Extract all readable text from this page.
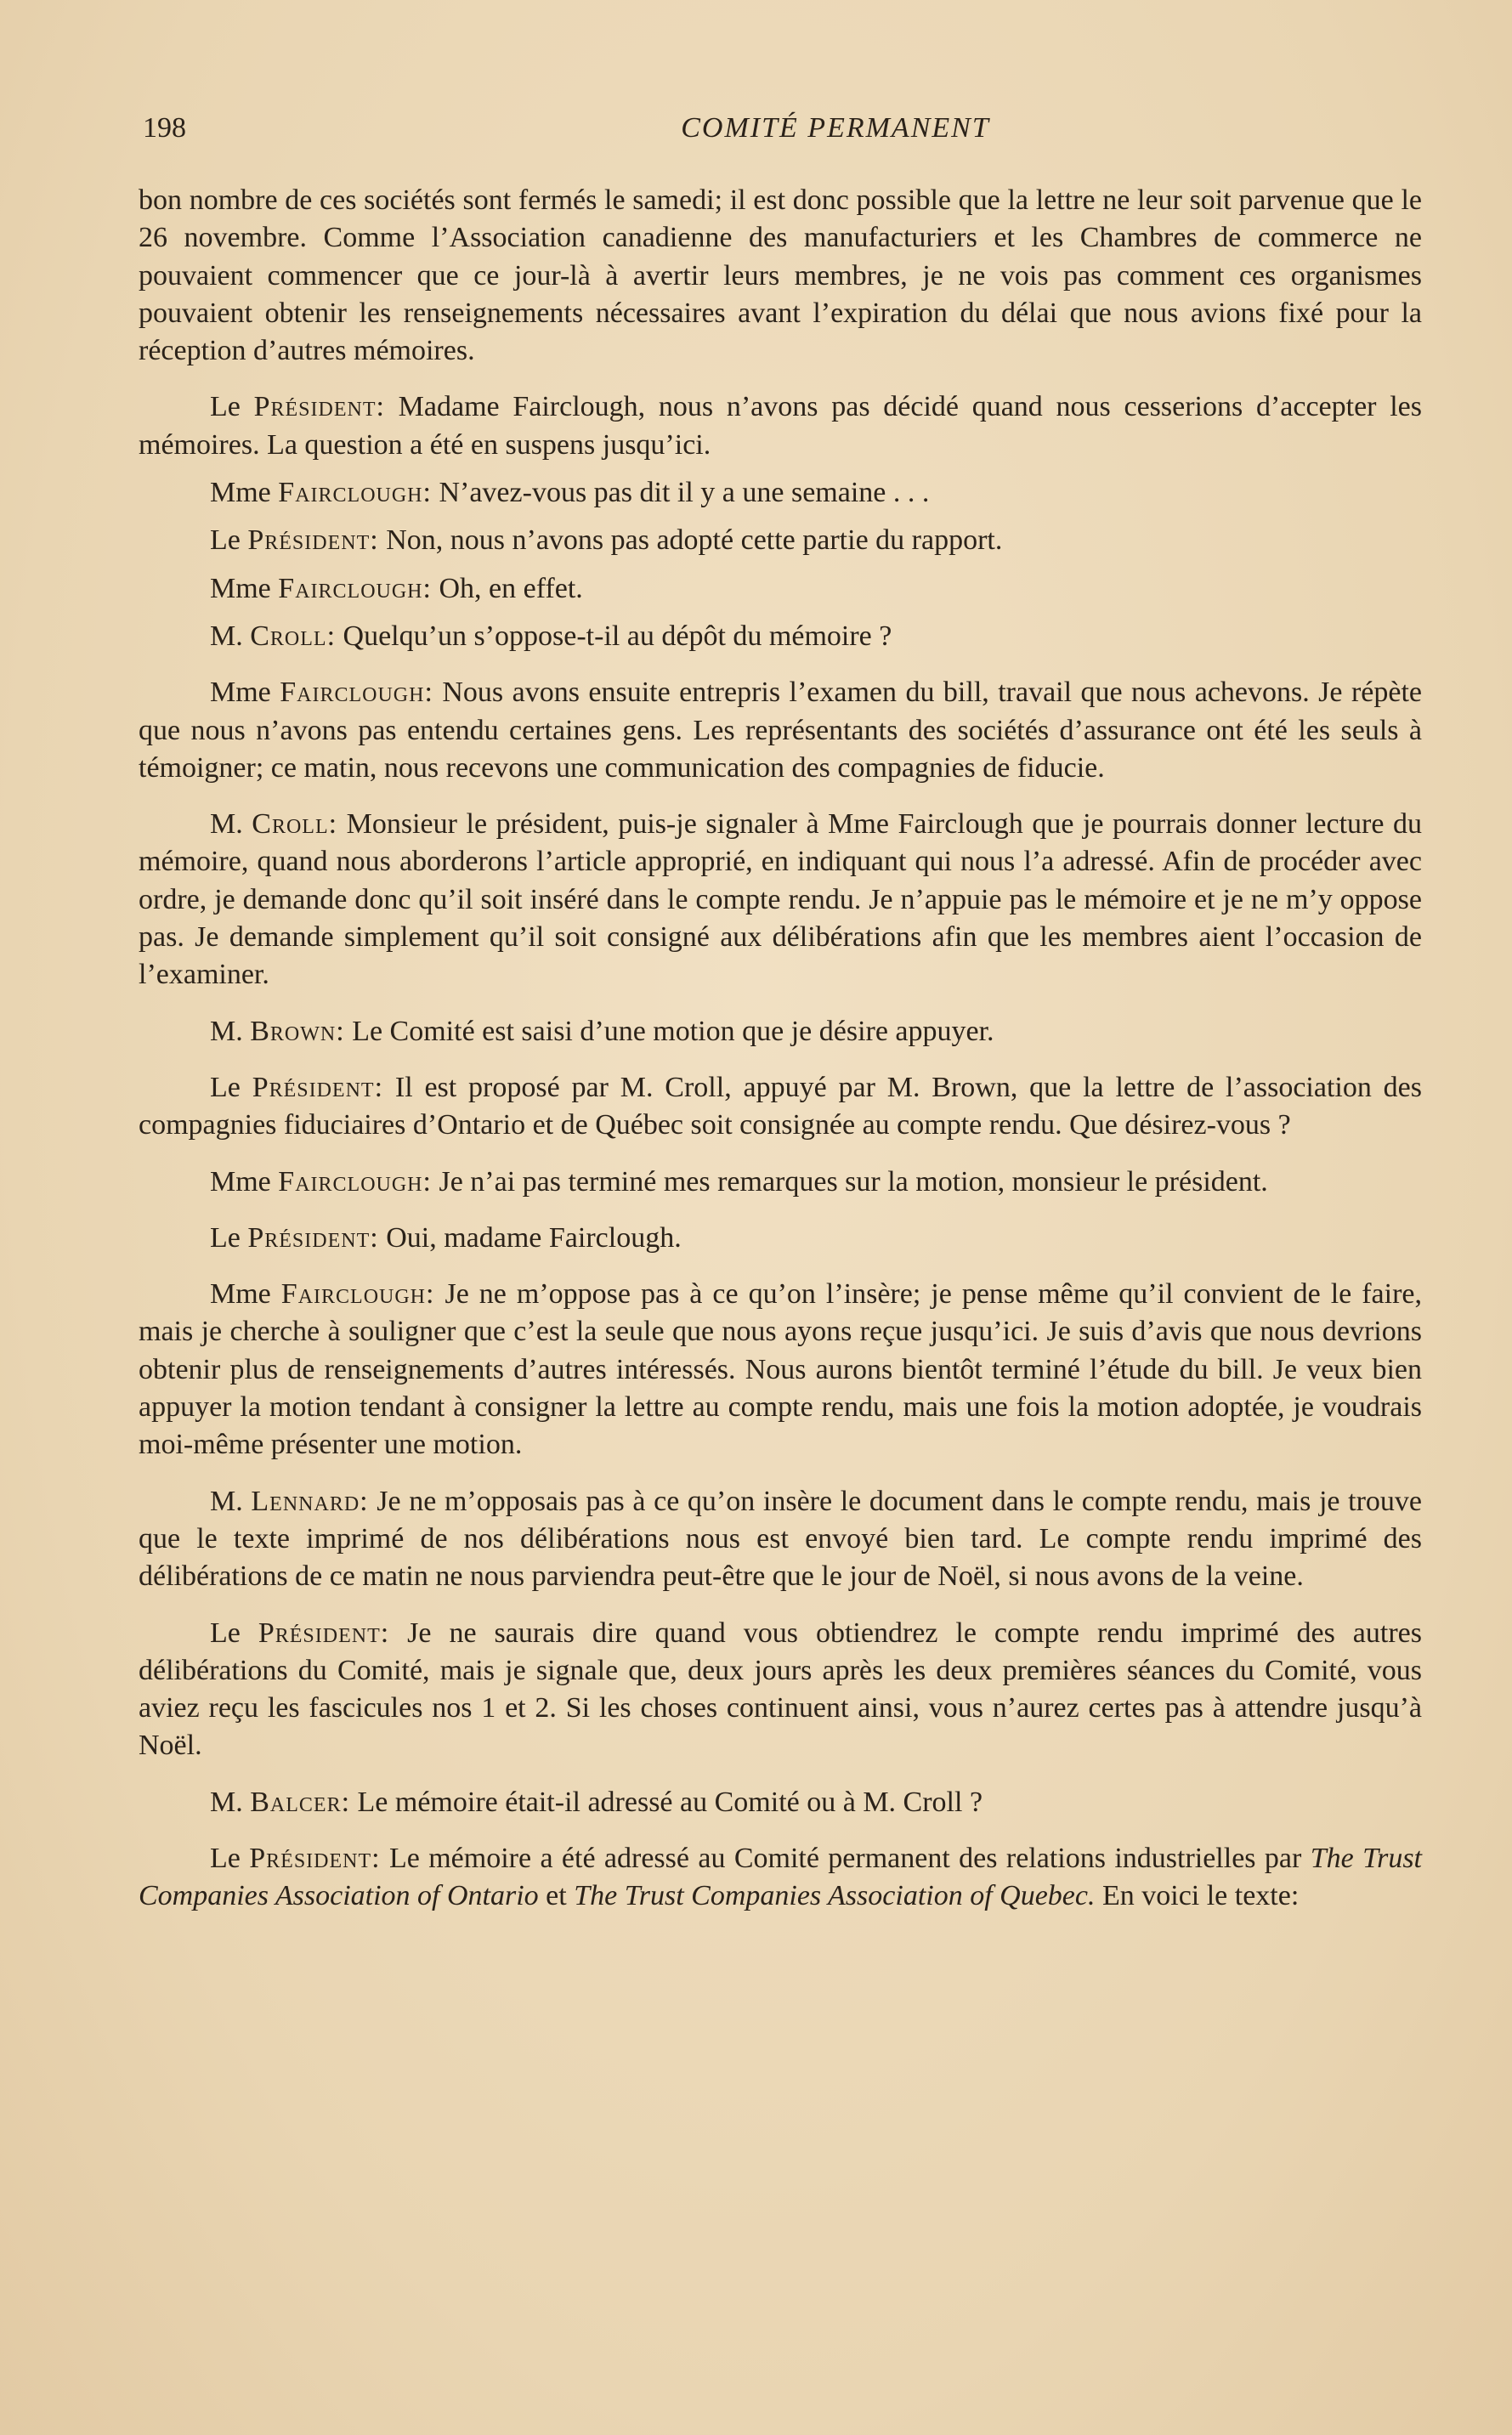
198	COMITÉ PERMANENT

bon nombre de ces sociétés sont fermés le samedi; il est donc possible que la lettre ne leur soit parvenue que le 26 novembre. Comme l’Association canadienne des manufacturiers et les Chambres de commerce ne pouvaient commencer que ce jour-là à avertir leurs membres, je ne vois pas comment ces organismes pouvaient obtenir les renseignements nécessaires avant l’expiration du délai que nous avions fixé pour la réception d’autres mémoires.

Le Président: Madame Fairclough, nous n’avons pas décidé quand nous cesserions d’accepter les mémoires. La question a été en suspens jusqu’ici.

Mme Fairclough: N’avez-vous pas dit il y a une semaine . . .

Le Président: Non, nous n’avons pas adopté cette partie du rapport.

Mme Fairclough: Oh, en effet.

M. Croll: Quelqu’un s’oppose-t-il au dépôt du mémoire ?

Mme Fairclough: Nous avons ensuite entrepris l’examen du bill, travail que nous achevons. Je répète que nous n’avons pas entendu certaines gens. Les représentants des sociétés d’assurance ont été les seuls à témoigner; ce matin, nous recevons une communication des compagnies de fiducie.

M. Croll: Monsieur le président, puis-je signaler à Mme Fairclough que je pourrais donner lecture du mémoire, quand nous aborderons l’article approprié, en indiquant qui nous l’a adressé. Afin de procéder avec ordre, je demande donc qu’il soit inséré dans le compte rendu. Je n’appuie pas le mémoire et je ne m’y oppose pas. Je demande simplement qu’il soit consigné aux délibérations afin que les membres aient l’occasion de l’examiner.

M. Brown: Le Comité est saisi d’une motion que je désire appuyer.

Le Président: Il est proposé par M. Croll, appuyé par M. Brown, que la lettre de l’association des compagnies fiduciaires d’Ontario et de Québec soit consignée au compte rendu. Que désirez-vous ?

Mme Fairclough: Je n’ai pas terminé mes remarques sur la motion, monsieur le président.

Le Président: Oui, madame Fairclough.

Mme Fairclough: Je ne m’oppose pas à ce qu’on l’insère; je pense même qu’il convient de le faire, mais je cherche à souligner que c’est la seule que nous ayons reçue jusqu’ici. Je suis d’avis que nous devrions obtenir plus de renseignements d’autres intéressés. Nous aurons bientôt terminé l’étude du bill. Je veux bien appuyer la motion tendant à consigner la lettre au compte rendu, mais une fois la motion adoptée, je voudrais moi-même présenter une motion.

M. Lennard: Je ne m’opposais pas à ce qu’on insère le document dans le compte rendu, mais je trouve que le texte imprimé de nos délibérations nous est envoyé bien tard. Le compte rendu imprimé des délibérations de ce matin ne nous parviendra peut-être que le jour de Noël, si nous avons de la veine.

Le Président: Je ne saurais dire quand vous obtiendrez le compte rendu imprimé des autres délibérations du Comité, mais je signale que, deux jours après les deux premières séances du Comité, vous aviez reçu les fascicules nos 1 et 2. Si les choses continuent ainsi, vous n’aurez certes pas à attendre jusqu’à Noël.

M. Balcer: Le mémoire était-il adressé au Comité ou à M. Croll ?

Le Président: Le mémoire a été adressé au Comité permanent des relations industrielles par The Trust Companies Association of Ontario et The Trust Companies Association of Quebec. En voici le texte:
